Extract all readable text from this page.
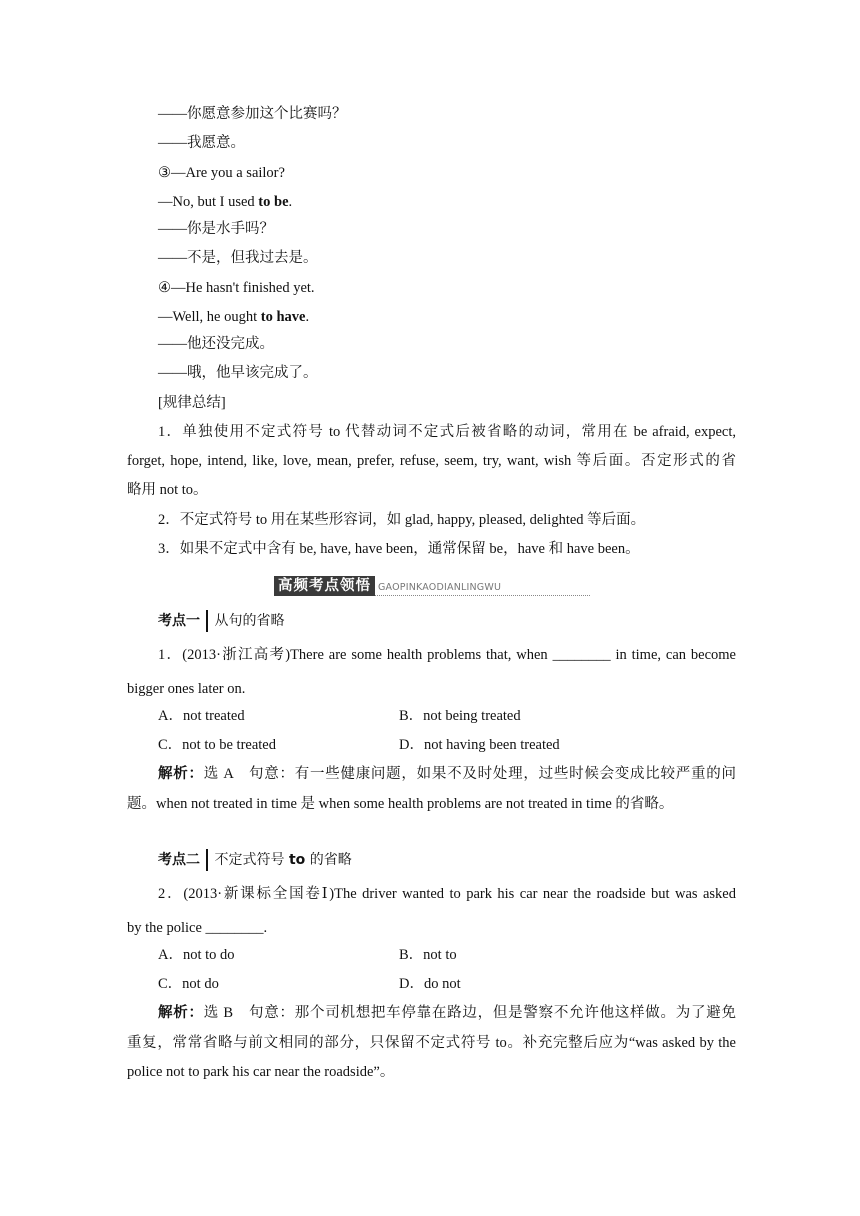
——你愿意参加这个比赛吗？
——我愿意。
③—Are you a sailor?
—No, but I used to be.
——你是水手吗？
——不是，但我过去是。
④—He hasn't finished yet.
—Well, he ought to have.
——他还没完成。
——哦，他早该完成了。
[规律总结]
1．单独使用不定式符号 to 代替动词不定式后被省略的动词，常用在 be afraid, expect,
forget, hope, intend, like, love, mean, prefer, refuse, seem, try, want, wish 等后面。否定形式的省
略用 not to。
2．不定式符号 to 用在某些形容词，如 glad, happy, pleased, delighted 等后面。
3．如果不定式中含有 be, have, have been，通常保留 be，have 和 have been。
高频考点领悟 GAOPINKAODIANLINGWU
考点一 从句的省略
1．(2013·浙江高考)There are some health problems that, when ________ in time, can become
bigger ones later on.
A．not treated	B．not being treated
C．not to be treated	D．not having been treated
解析：选 A　句意：有一些健康问题，如果不及时处理，过些时候会变成比较严重的问
题。when not treated in time 是 when some health problems are not treated in time 的省略。
考点二 不定式符号 to 的省略
2．(2013·新课标全国卷Ⅰ)The driver wanted to park his car near the roadside but was asked
by the police ________.
A．not to do	B．not to
C．not do	D．do not
解析：选 B　句意：那个司机想把车停靠在路边，但是警察不允许他这样做。为了避免
重复，常常省略与前文相同的部分，只保留不定式符号 to。补充完整后应为“was asked by the
police not to park his car near the roadside”。
